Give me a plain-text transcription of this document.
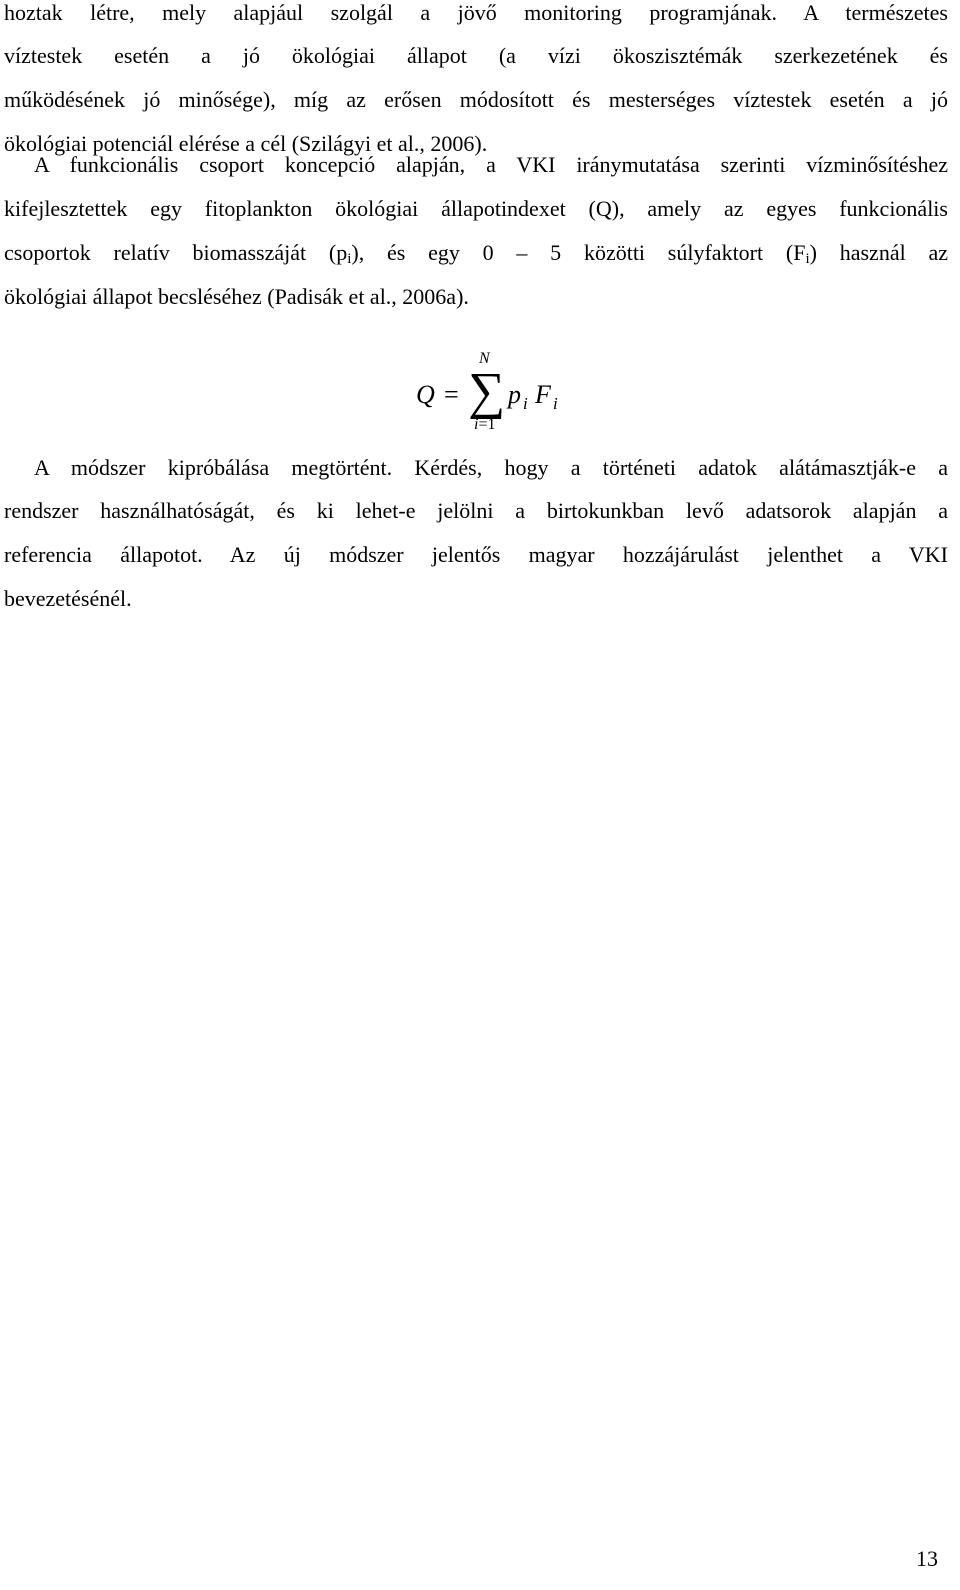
hoztak létre, mely alapjául szolgál a jövő monitoring programjának. A természetes
víztestek esetén a jó ökológiai állapot (a vízi ökoszisztémák szerkezetének és
működésének jó minősége), míg az erősen módosított és mesterséges víztestek esetén a jó
ökológiai potenciál elérése a cél (Szilágyi et al., 2006).
A funkcionális csoport koncepció alapján, a VKI iránymutatása szerinti vízminősítéshez
kifejlesztettek egy fitoplankton ökológiai állapotindexet (Q), amely az egyes funkcionális
csoportok relatív biomasszáját $(p_i)$, és egy 0 – 5 közötti súlyfaktort $(F_i)$ használ az
ökológiai állapot becsléséhez (Padisák et al., 2006a).
Q = ∑
N
i=1
p i F i
A módszer kipróbálása megtörtént. Kérdés, hogy a történeti adatok alátámasztják-e a
rendszer használhatóságát, és ki lehet-e jelölni a birtokunkban levő adatsorok alapján a
referencia állapotot. Az új módszer jelentős magyar hozzájárulást jelenthet a VKI
bevezetésénél.
13
